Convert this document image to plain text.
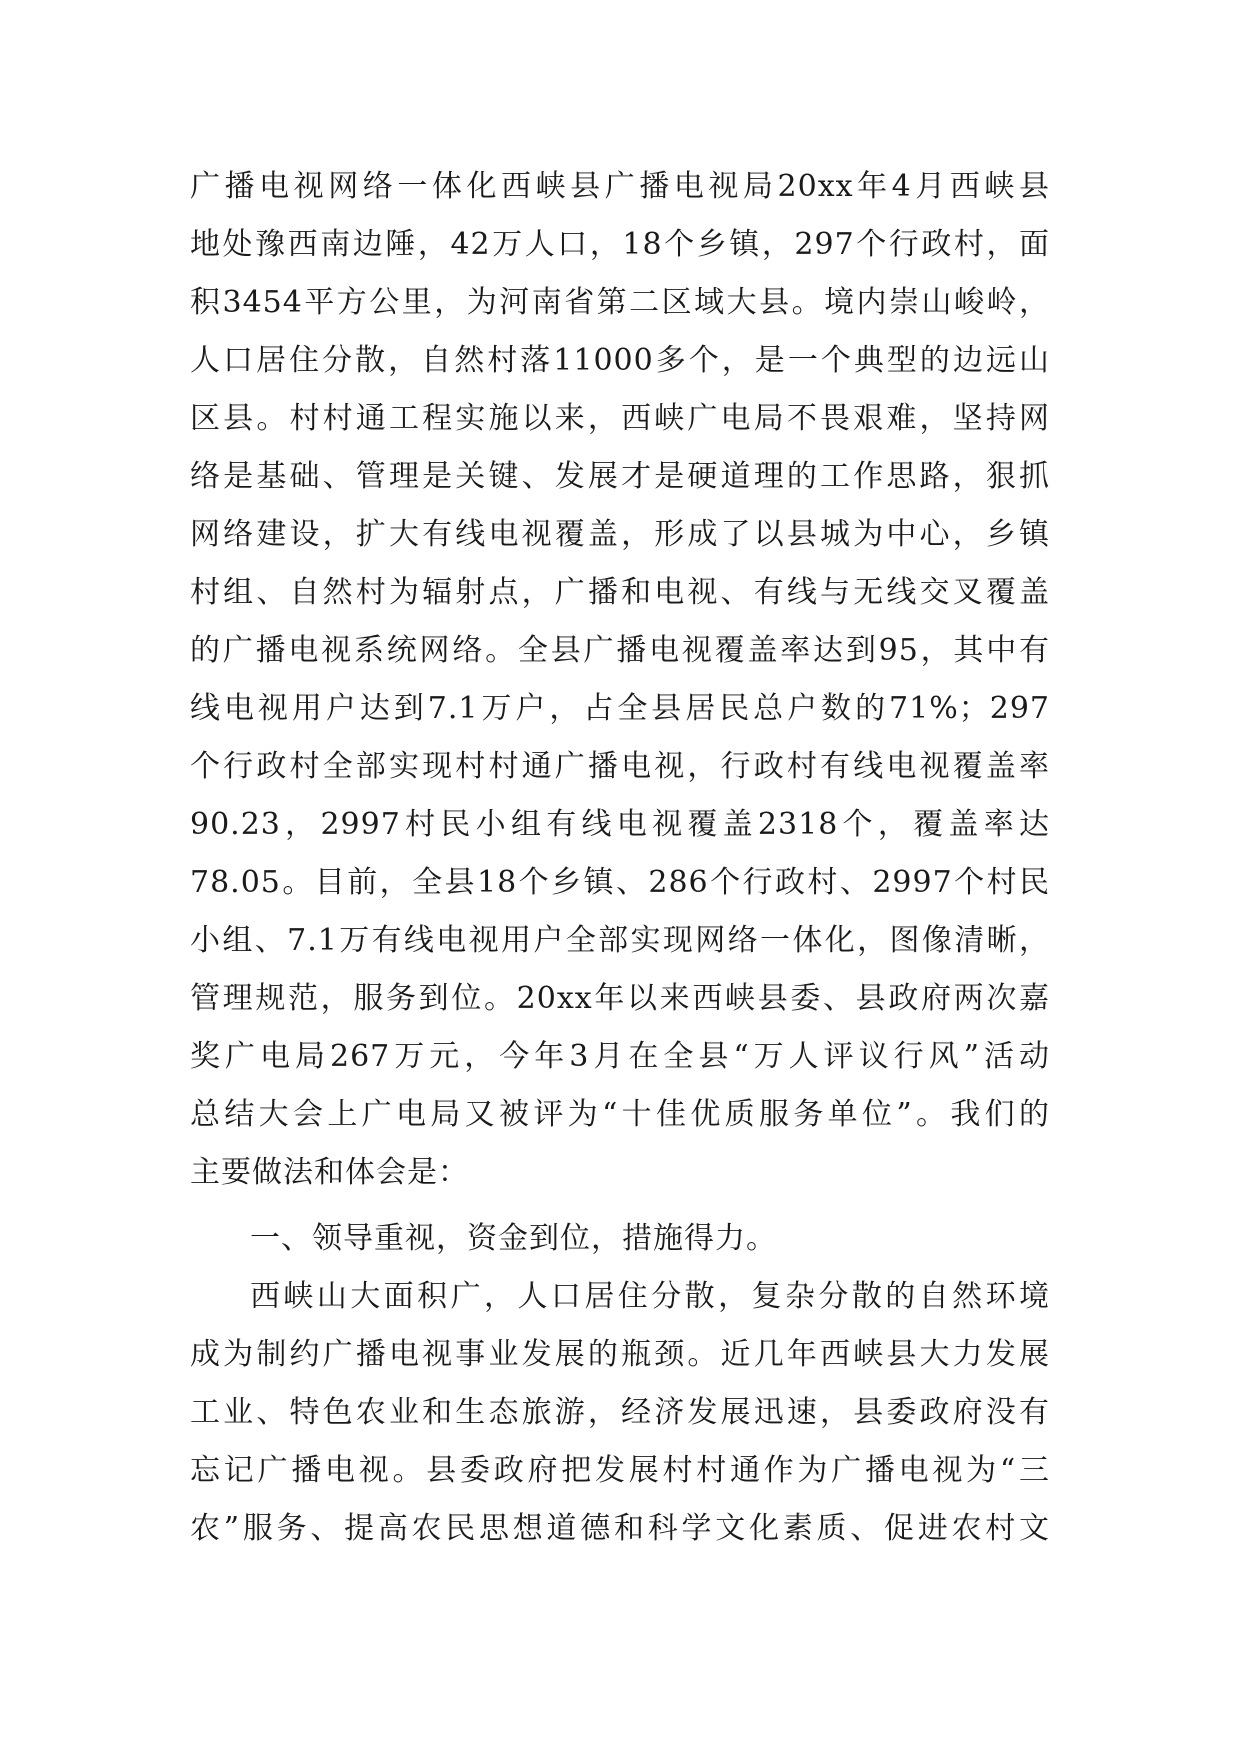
广播电视网络一体化西峡县广播电视局20xx年4月西峡县
地处豫西南边陲，42万人口，18个乡镇，297个行政村，面
积3454平方公里，为河南省第二区域大县。境内崇山峻岭，
人口居住分散，自然村落11000多个，是一个典型的边远山
区县。村村通工程实施以来，西峡广电局不畏艰难，坚持网
络是基础、管理是关键、发展才是硬道理的工作思路，狠抓
网络建设，扩大有线电视覆盖，形成了以县城为中心，乡镇
村组、自然村为辐射点，广播和电视、有线与无线交叉覆盖
的广播电视系统网络。全县广播电视覆盖率达到95，其中有
线电视用户达到7.1万户，占全县居民总户数的71%；297
个行政村全部实现村村通广播电视，行政村有线电视覆盖率
90.23，2997村民小组有线电视覆盖2318个，覆盖率达
78.05。目前，全县18个乡镇、286个行政村、2997个村民
小组、7.1万有线电视用户全部实现网络一体化，图像清晰，
管理规范，服务到位。20xx年以来西峡县委、县政府两次嘉
奖广电局267万元，今年3月在全县“万人评议行风”活动
总结大会上广电局又被评为“十佳优质服务单位”。我们的
主要做法和体会是：
一、领导重视，资金到位，措施得力。
西峡山大面积广，人口居住分散，复杂分散的自然环境
成为制约广播电视事业发展的瓶颈。近几年西峡县大力发展
工业、特色农业和生态旅游，经济发展迅速，县委政府没有
忘记广播电视。县委政府把发展村村通作为广播电视为“三
农”服务、提高农民思想道德和科学文化素质、促进农村文
